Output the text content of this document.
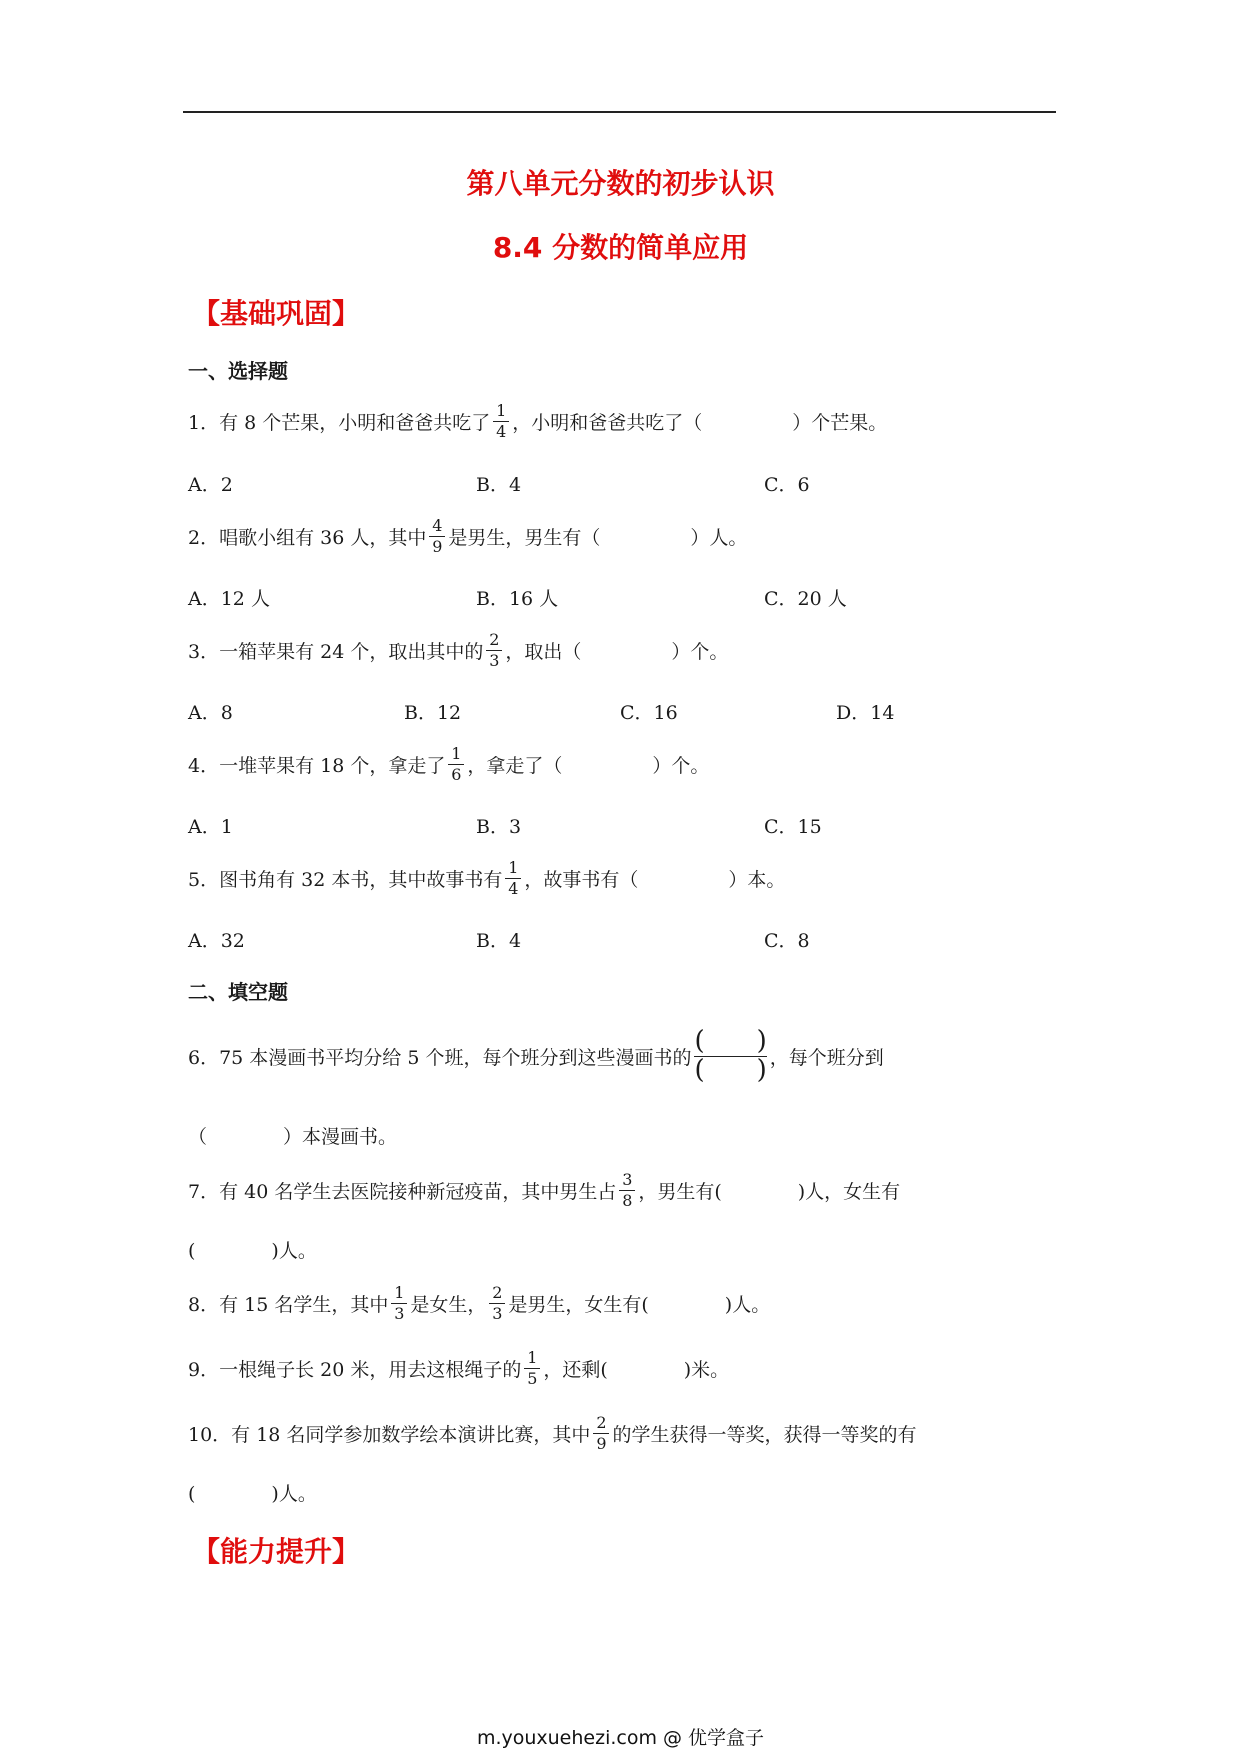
第八单元分数的初步认识
8.4 分数的简单应用
【基础巩固】
一、选择题
1．有 8 个芒果，小明和爸爸共吃了 $\frac{1}{4}$ ，小明和爸爸共吃了（	）个芒果。
A．2	B．4	C．6
2．唱歌小组有 36 人，其中 $\frac{4}{9}$ 是男生，男生有（	）人。
A．12 人	B．16 人	C．20 人
3．一箱苹果有 24 个，取出其中的 $\frac{2}{3}$ ，取出（	）个。
A．8	B．12	C．16	D．14
4．一堆苹果有 18 个，拿走了 $\frac{1}{6}$ ，拿走了（	）个。
A．1	B．3	C．15
5．图书角有 32 本书，其中故事书有 $\frac{1}{4}$ ，故事书有（	）本。
A．32	B．4	C．8
二、填空题
6．75 本漫画书平均分给 5 个班，每个班分到这些漫画书的 $\frac{( )}{( )}$ ，每个班分到
（　　　　）本漫画书。
7．有 40 名学生去医院接种新冠疫苗，其中男生占 $\frac{3}{8}$ ，男生有(　　　　)人，女生有
(　　　　)人。
8．有 15 名学生，其中 $\frac{1}{3}$ 是女生， $\frac{2}{3}$ 是男生，女生有(　　　　)人。
9．一根绳子长 20 米，用去这根绳子的 $\frac{1}{5}$ ，还剩(　　　　)米。
10．有 18 名同学参加数学绘本演讲比赛，其中 $\frac{2}{9}$ 的学生获得一等奖，获得一等奖的有
(　　　　)人。
【能力提升】
m.youxuehezi.com @ 优学盒子
